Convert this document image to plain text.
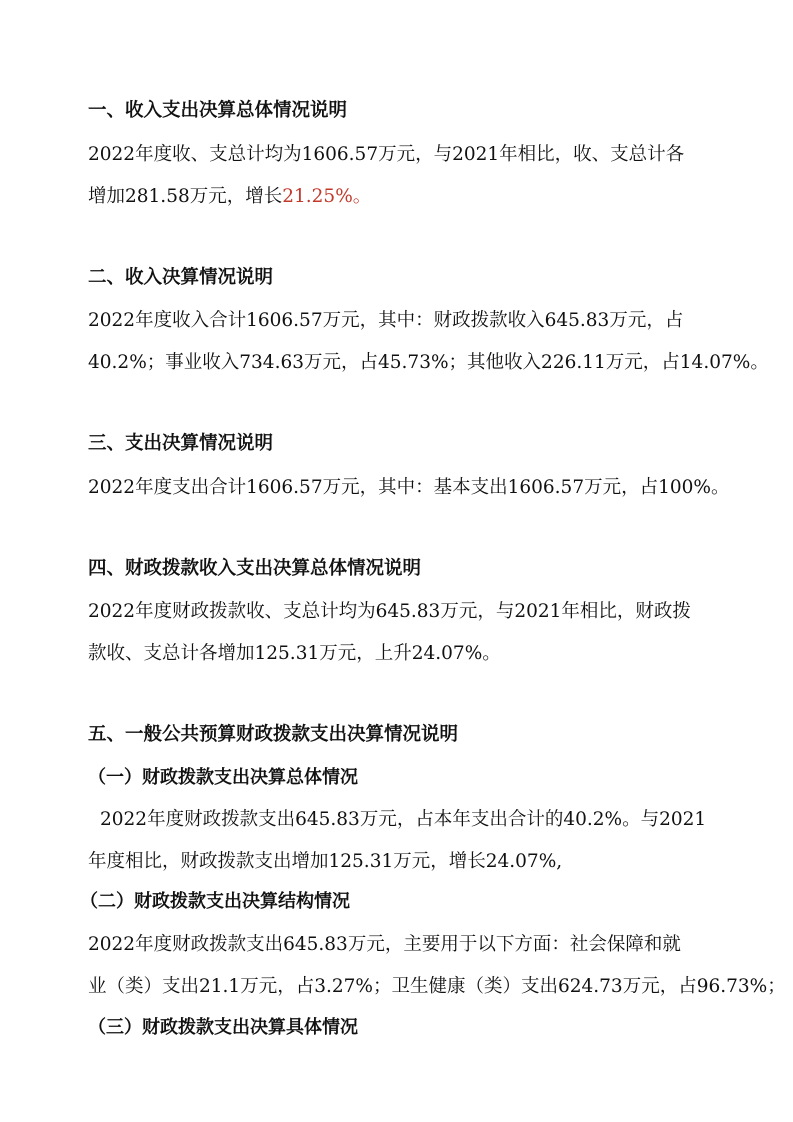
一、收入支出决算总体情况说明
2022年度收、支总计均为1606.57万元，与2021年相比，收、支总计各
增加281.58万元，增长21.25%。
二、收入决算情况说明
2022年度收入合计1606.57万元，其中：财政拨款收入645.83万元，占
40.2%；事业收入734.63万元，占45.73%；其他收入226.11万元，占14.07%。
三、支出决算情况说明
2022年度支出合计1606.57万元，其中：基本支出1606.57万元，占100%。
四、财政拨款收入支出决算总体情况说明
2022年度财政拨款收、支总计均为645.83万元，与2021年相比，财政拨
款收、支总计各增加125.31万元，上升24.07%。
五、一般公共预算财政拨款支出决算情况说明
（一）财政拨款支出决算总体情况
2022年度财政拨款支出645.83万元，占本年支出合计的40.2%。与2021
年度相比，财政拨款支出增加125.31万元，增长24.07%,
（二）财政拨款支出决算结构情况
2022年度财政拨款支出645.83万元，主要用于以下方面：社会保障和就
业（类）支出21.1万元，占3.27%；卫生健康（类）支出624.73万元，占96.73%；
（三）财政拨款支出决算具体情况
